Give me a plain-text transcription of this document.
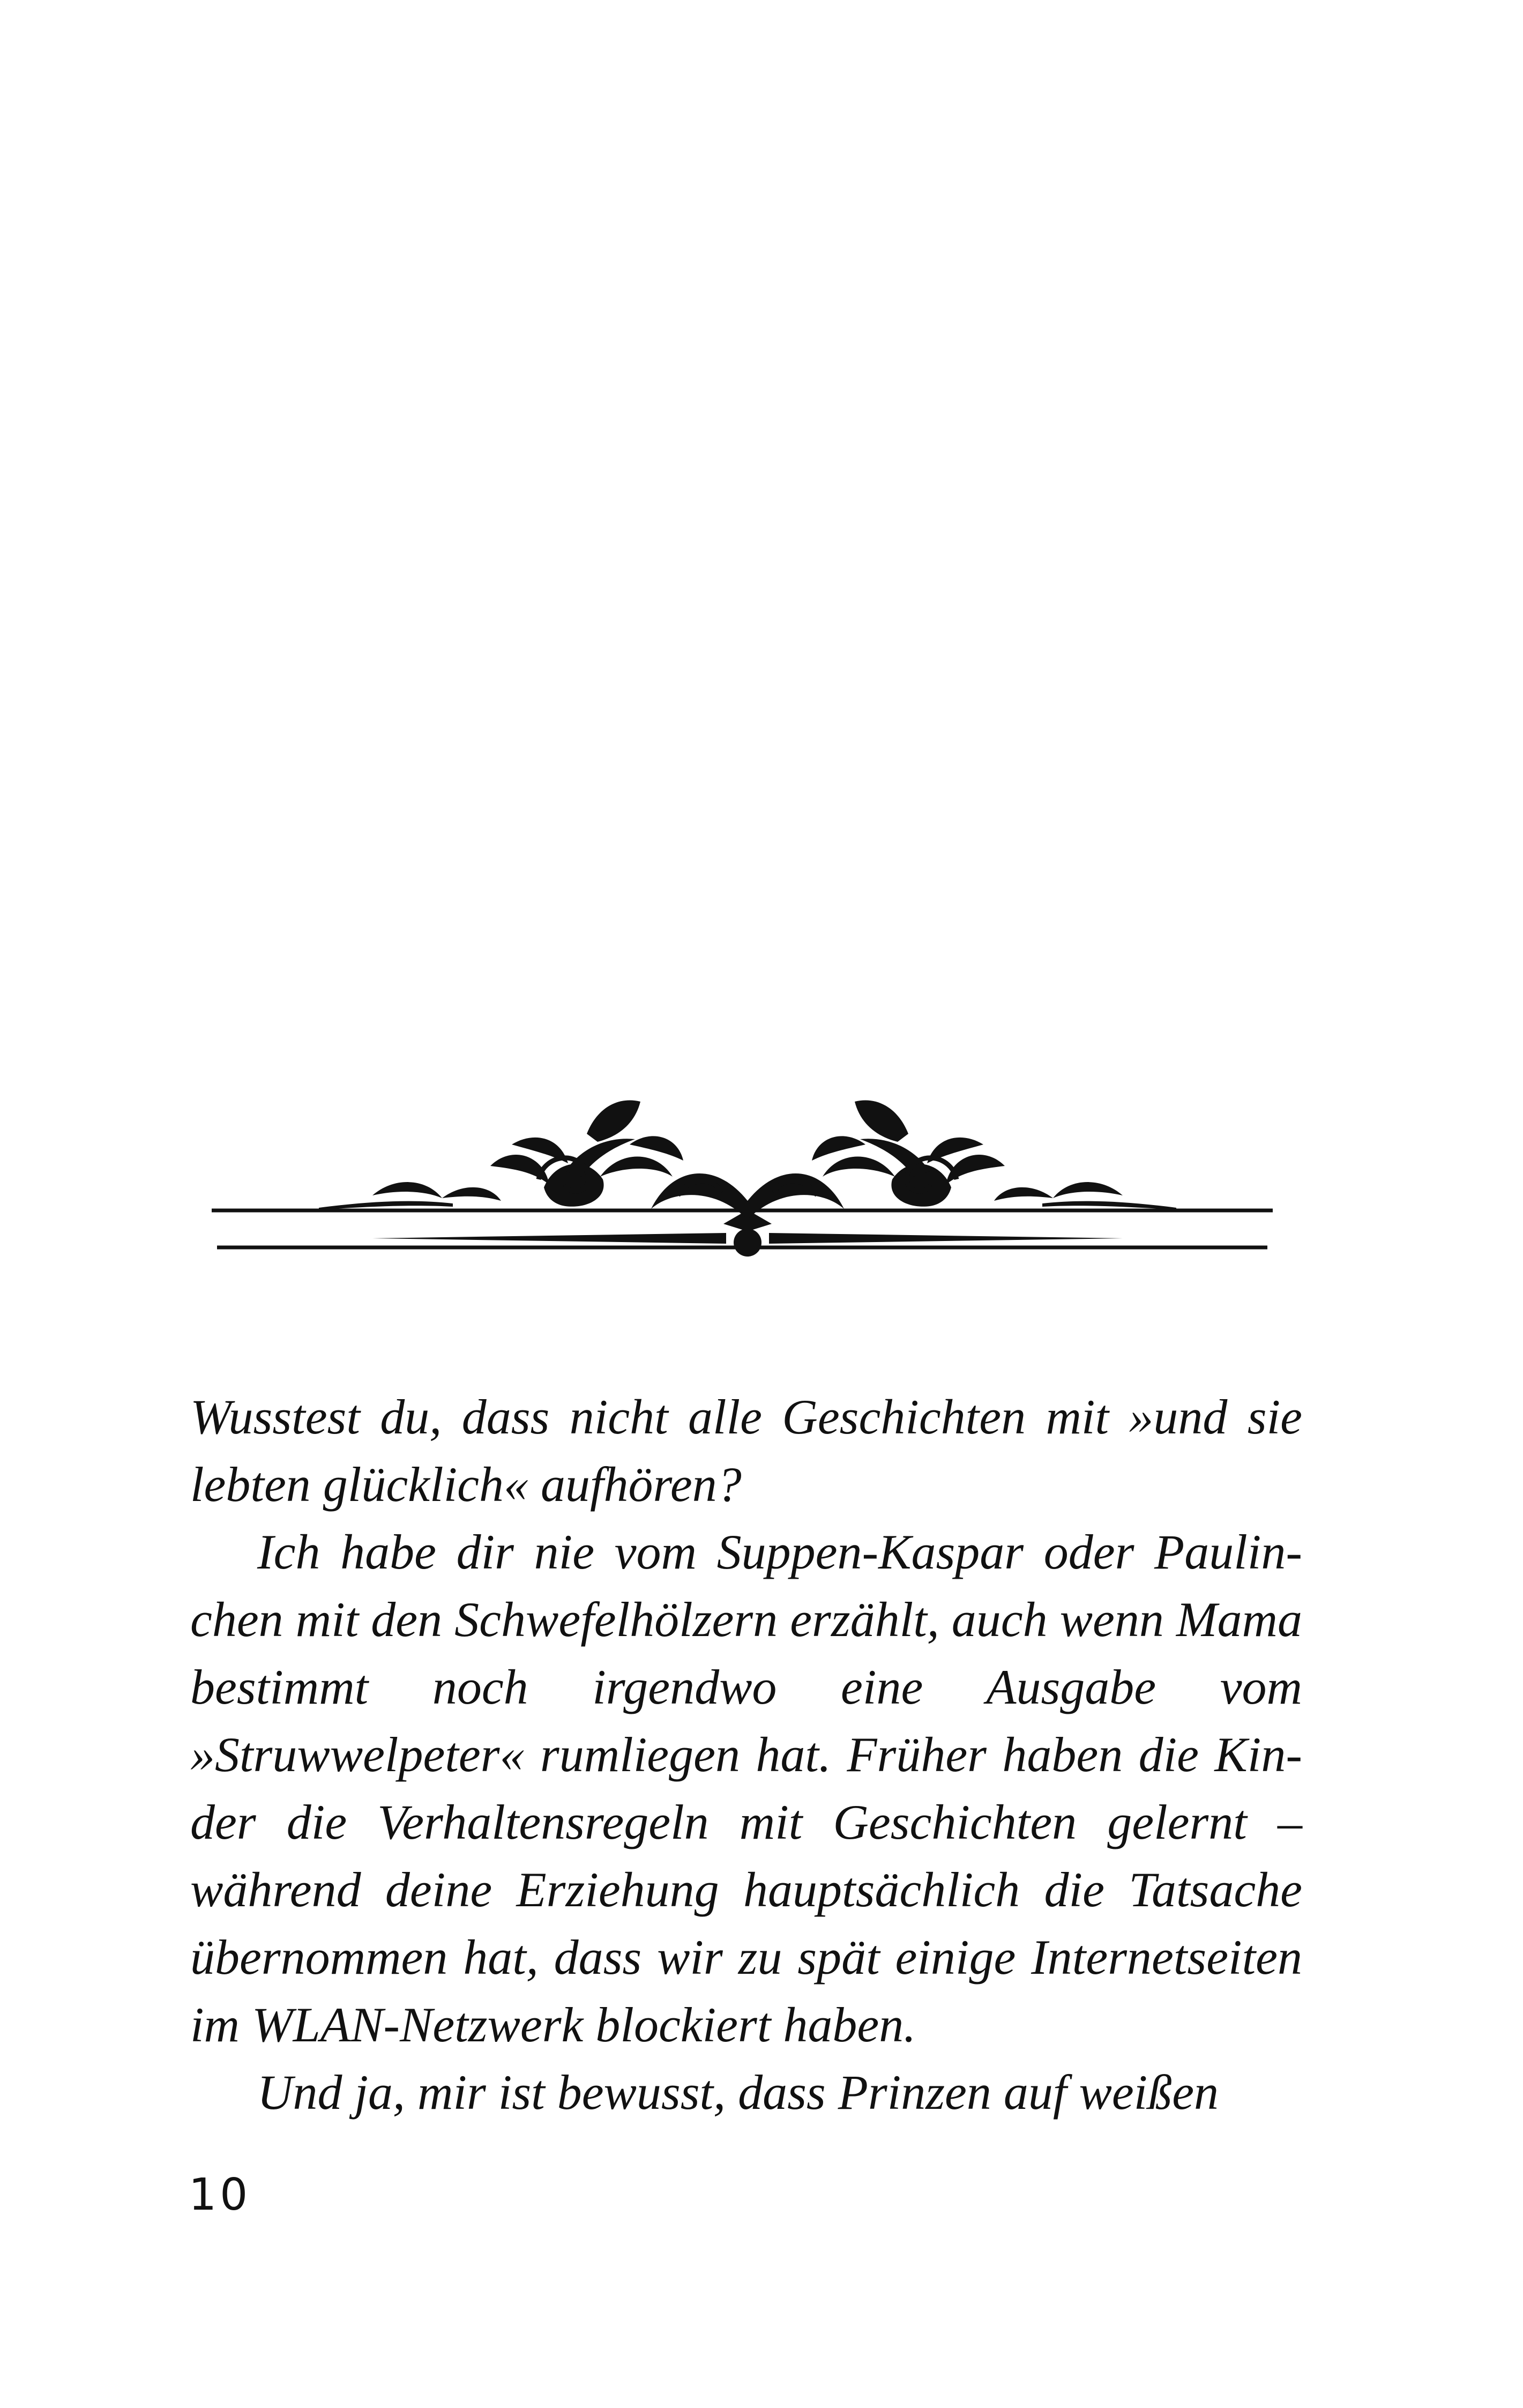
Wusstest du, dass nicht alle Geschichten mit »und sie lebten glücklich« aufhören?

Ich habe dir nie vom Suppen-Kaspar oder Paulinchen mit den Schwefelhölzern erzählt, auch wenn Mama bestimmt noch irgendwo eine Ausgabe vom »Struwwelpeter« rumliegen hat. Früher haben die Kinder die Verhaltensregeln mit Geschichten gelernt – während deine Erziehung hauptsächlich die Tatsache übernommen hat, dass wir zu spät einige Internetseiten im WLAN-Netzwerk blockiert haben.

Und ja, mir ist bewusst, dass Prinzen auf weißen

10
